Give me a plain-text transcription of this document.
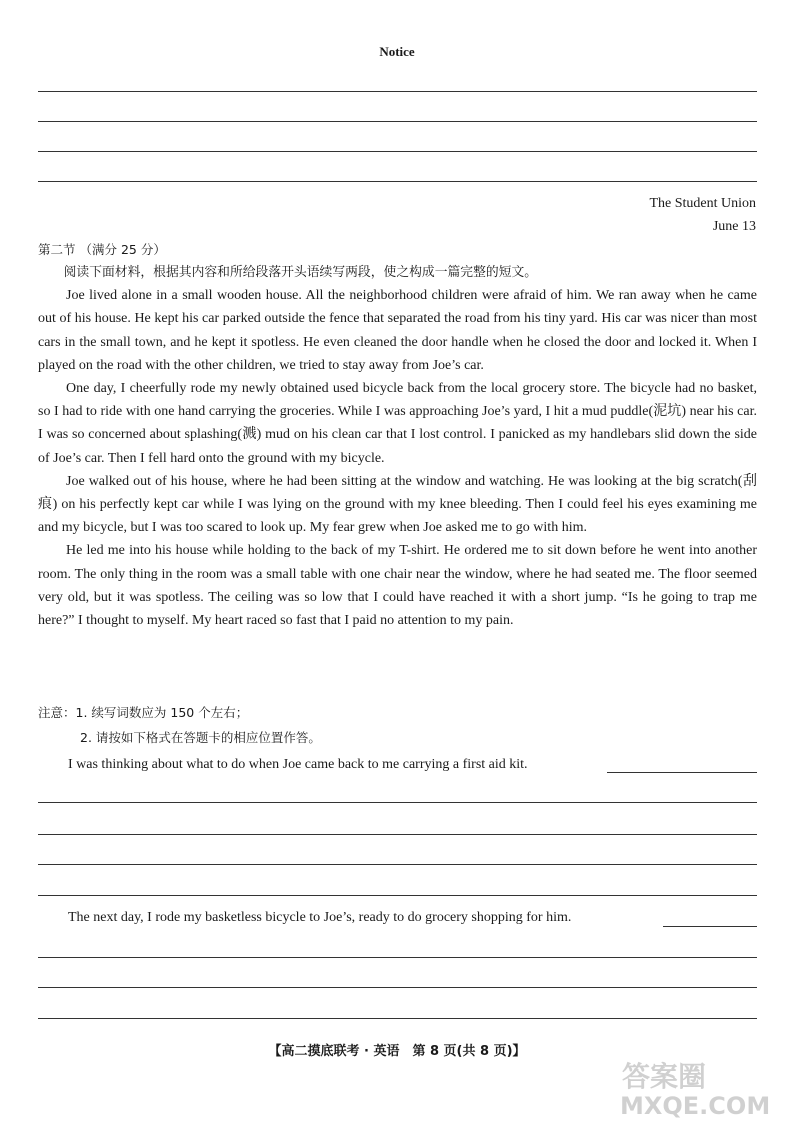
Notice
The Student Union
June 13
第二节 （满分 25 分）

阅读下面材料，根据其内容和所给段落开头语续写两段，使之构成一篇完整的短文。

Joe lived alone in a small wooden house. All the neighborhood children were afraid of him. We ran away when he came out of his house. He kept his car parked outside the fence that separated the road from his tiny yard. His car was nicer than most cars in the small town, and he kept it spotless. He even cleaned the door handle when he closed the door and locked it. When I played on the road with the other children, we tried to stay away from Joe’s car.

One day, I cheerfully rode my newly obtained used bicycle back from the local grocery store. The bicycle had no basket, so I had to ride with one hand carrying the groceries. While I was approaching Joe’s yard, I hit a mud puddle(泥坑) near his car. I was so concerned about splashing(溅) mud on his clean car that I lost control. I panicked as my handlebars slid down the side of Joe’s car. Then I fell hard onto the ground with my bicycle.

Joe walked out of his house, where he had been sitting at the window and watching. He was looking at the big scratch(刮痕) on his perfectly kept car while I was lying on the ground with my knee bleeding. Then I could feel his eyes examining me and my bicycle, but I was too scared to look up. My fear grew when Joe asked me to go with him.

He led me into his house while holding to the back of my T-shirt. He ordered me to sit down before he went into another room. The only thing in the room was a small table with one chair near the window, where he had seated me. The floor seemed very old, but it was spotless. The ceiling was so low that I could have reached it with a short jump. “Is he going to trap me here?” I thought to myself. My heart raced so fast that I paid no attention to my pain.

注意：1. 续写词数应为 150 个左右；
2. 请按如下格式在答题卡的相应位置作答。
I was thinking about what to do when Joe came back to me carrying a first aid kit.
The next day, I rode my basketless bicycle to Joe’s, ready to do grocery shopping for him.
【高二摸底联考 · 英语　第 8 页(共 8 页)】
答案圈
MXQE.COM
